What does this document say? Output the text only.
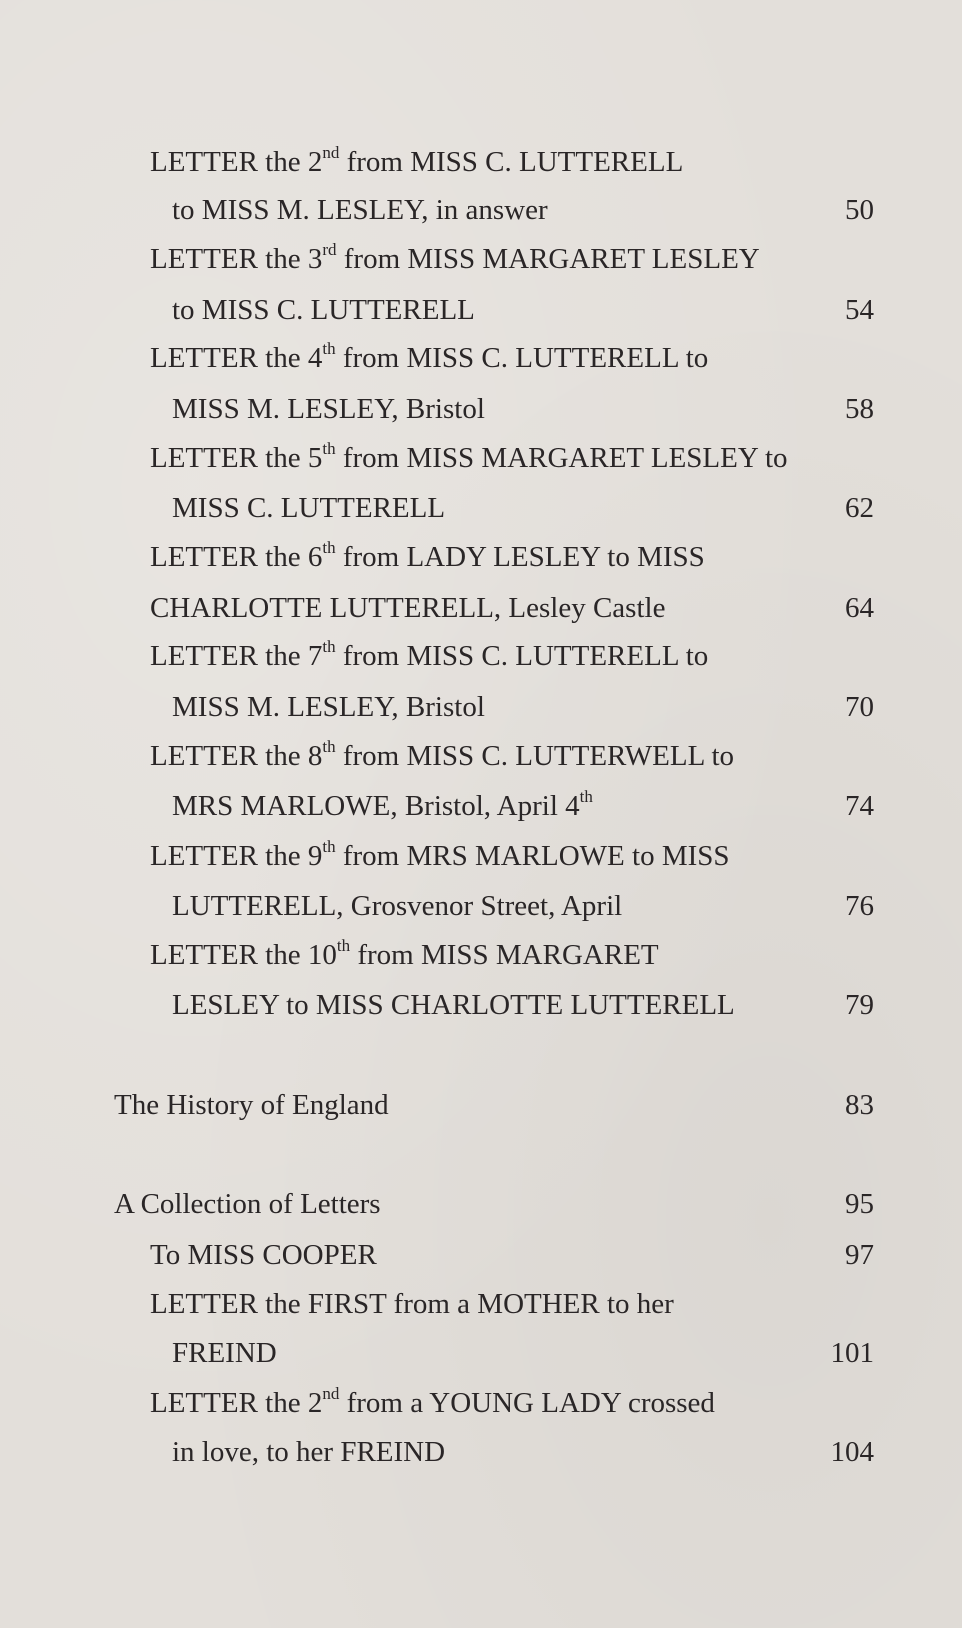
LETTER the 2nd from MISS C. LUTTERELL
to MISS M. LESLEY, in answer	50
LETTER the 3rd from MISS MARGARET LESLEY
to MISS C. LUTTERELL	54
LETTER the 4th from MISS C. LUTTERELL to
MISS M. LESLEY, Bristol	58
LETTER the 5th from MISS MARGARET LESLEY to
MISS C. LUTTERELL	62
LETTER the 6th from LADY LESLEY to MISS
CHARLOTTE LUTTERELL, Lesley Castle	64
LETTER the 7th from MISS C. LUTTERELL to
MISS M. LESLEY, Bristol	70
LETTER the 8th from MISS C. LUTTERWELL to
MRS MARLOWE, Bristol, April 4th	74
LETTER the 9th from MRS MARLOWE to MISS
LUTTERELL, Grosvenor Street, April	76
LETTER the 10th from MISS MARGARET
LESLEY to MISS CHARLOTTE LUTTERELL	79
The History of England	83
A Collection of Letters	95
To MISS COOPER	97
LETTER the FIRST from a MOTHER to her
FREIND	101
LETTER the 2nd from a YOUNG LADY crossed
in love, to her FREIND	104
